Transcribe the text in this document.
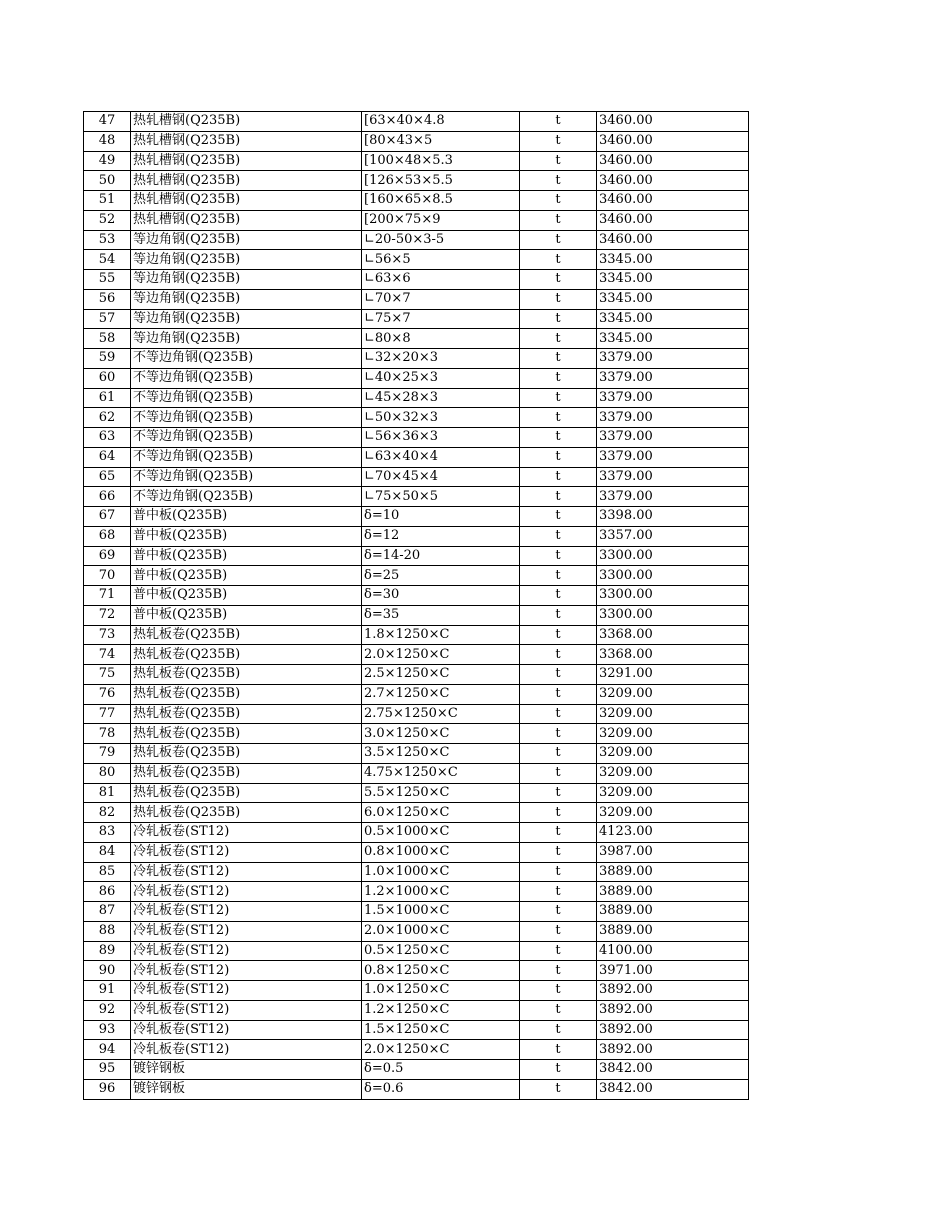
47	热轧槽钢(Q235B)	[63×40×4.8	t	3460.00
48	热轧槽钢(Q235B)	[80×43×5	t	3460.00
49	热轧槽钢(Q235B)	[100×48×5.3	t	3460.00
50	热轧槽钢(Q235B)	[126×53×5.5	t	3460.00
51	热轧槽钢(Q235B)	[160×65×8.5	t	3460.00
52	热轧槽钢(Q235B)	[200×75×9	t	3460.00
53	等边角钢(Q235B)	∟20-50×3-5	t	3460.00
54	等边角钢(Q235B)	∟56×5	t	3345.00
55	等边角钢(Q235B)	∟63×6	t	3345.00
56	等边角钢(Q235B)	∟70×7	t	3345.00
57	等边角钢(Q235B)	∟75×7	t	3345.00
58	等边角钢(Q235B)	∟80×8	t	3345.00
59	不等边角钢(Q235B)	∟32×20×3	t	3379.00
60	不等边角钢(Q235B)	∟40×25×3	t	3379.00
61	不等边角钢(Q235B)	∟45×28×3	t	3379.00
62	不等边角钢(Q235B)	∟50×32×3	t	3379.00
63	不等边角钢(Q235B)	∟56×36×3	t	3379.00
64	不等边角钢(Q235B)	∟63×40×4	t	3379.00
65	不等边角钢(Q235B)	∟70×45×4	t	3379.00
66	不等边角钢(Q235B)	∟75×50×5	t	3379.00
67	普中板(Q235B)	δ=10	t	3398.00
68	普中板(Q235B)	δ=12	t	3357.00
69	普中板(Q235B)	δ=14-20	t	3300.00
70	普中板(Q235B)	δ=25	t	3300.00
71	普中板(Q235B)	δ=30	t	3300.00
72	普中板(Q235B)	δ=35	t	3300.00
73	热轧板卷(Q235B)	1.8×1250×C	t	3368.00
74	热轧板卷(Q235B)	2.0×1250×C	t	3368.00
75	热轧板卷(Q235B)	2.5×1250×C	t	3291.00
76	热轧板卷(Q235B)	2.7×1250×C	t	3209.00
77	热轧板卷(Q235B)	2.75×1250×C	t	3209.00
78	热轧板卷(Q235B)	3.0×1250×C	t	3209.00
79	热轧板卷(Q235B)	3.5×1250×C	t	3209.00
80	热轧板卷(Q235B)	4.75×1250×C	t	3209.00
81	热轧板卷(Q235B)	5.5×1250×C	t	3209.00
82	热轧板卷(Q235B)	6.0×1250×C	t	3209.00
83	冷轧板卷(ST12)	0.5×1000×C	t	4123.00
84	冷轧板卷(ST12)	0.8×1000×C	t	3987.00
85	冷轧板卷(ST12)	1.0×1000×C	t	3889.00
86	冷轧板卷(ST12)	1.2×1000×C	t	3889.00
87	冷轧板卷(ST12)	1.5×1000×C	t	3889.00
88	冷轧板卷(ST12)	2.0×1000×C	t	3889.00
89	冷轧板卷(ST12)	0.5×1250×C	t	4100.00
90	冷轧板卷(ST12)	0.8×1250×C	t	3971.00
91	冷轧板卷(ST12)	1.0×1250×C	t	3892.00
92	冷轧板卷(ST12)	1.2×1250×C	t	3892.00
93	冷轧板卷(ST12)	1.5×1250×C	t	3892.00
94	冷轧板卷(ST12)	2.0×1250×C	t	3892.00
95	镀锌钢板	δ=0.5	t	3842.00
96	镀锌钢板	δ=0.6	t	3842.00
